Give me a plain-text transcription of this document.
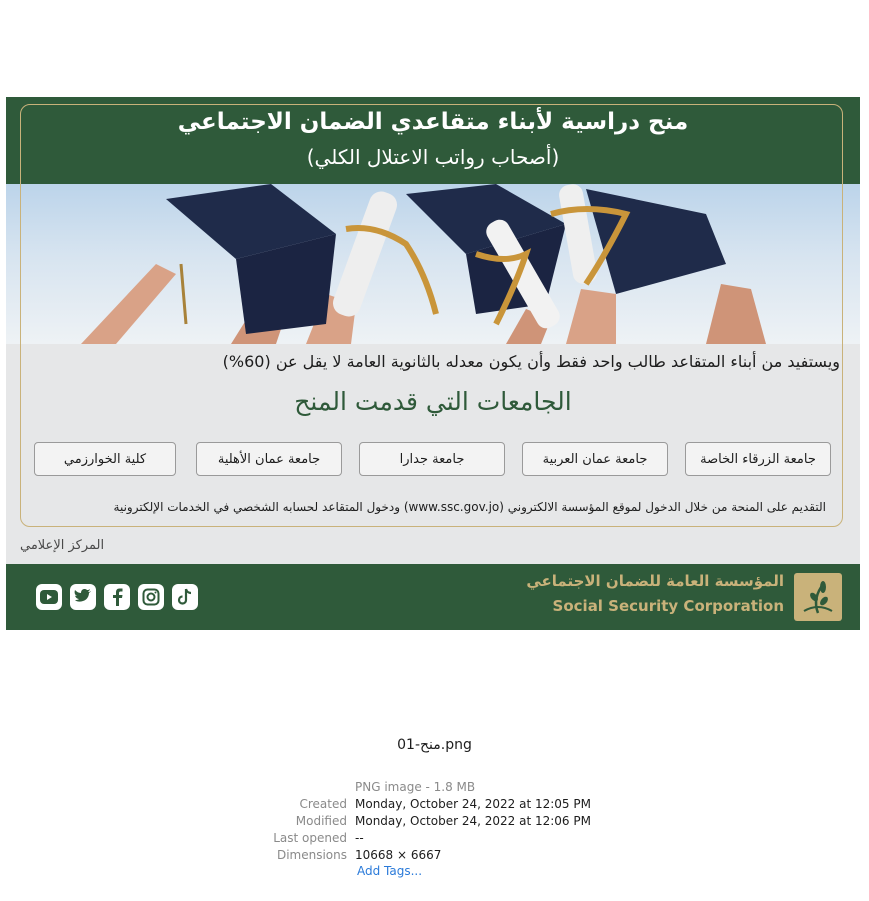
منح دراسية لأبناء متقاعدي الضمان الاجتماعي
(أصحاب رواتب الاعتلال الكلي)
ويستفيد من أبناء المتقاعد طالب واحد فقط وأن يكون معدله بالثانوية العامة لا يقل عن (60%)
الجامعات التي قدمت المنح
جامعة الزرقاء الخاصة
جامعة عمان العربية
جامعة جدارا
جامعة عمان الأهلية
كلية الخوارزمي
التقديم على المنحة من خلال الدخول لموقع المؤسسة الالكتروني (www.ssc.gov.jo) ودخول المتقاعد لحسابه الشخصي في الخدمات الإلكترونية
المركز الإعلامي
المؤسسة العامة للضمان الاجتماعي
Social Security Corporation
منح-01.png
PNG image - 1.8 MB
Created Monday, October 24, 2022 at 12:05 PM
Modified Monday, October 24, 2022 at 12:06 PM
Last opened --
Dimensions 10668 × 6667
Add Tags...
